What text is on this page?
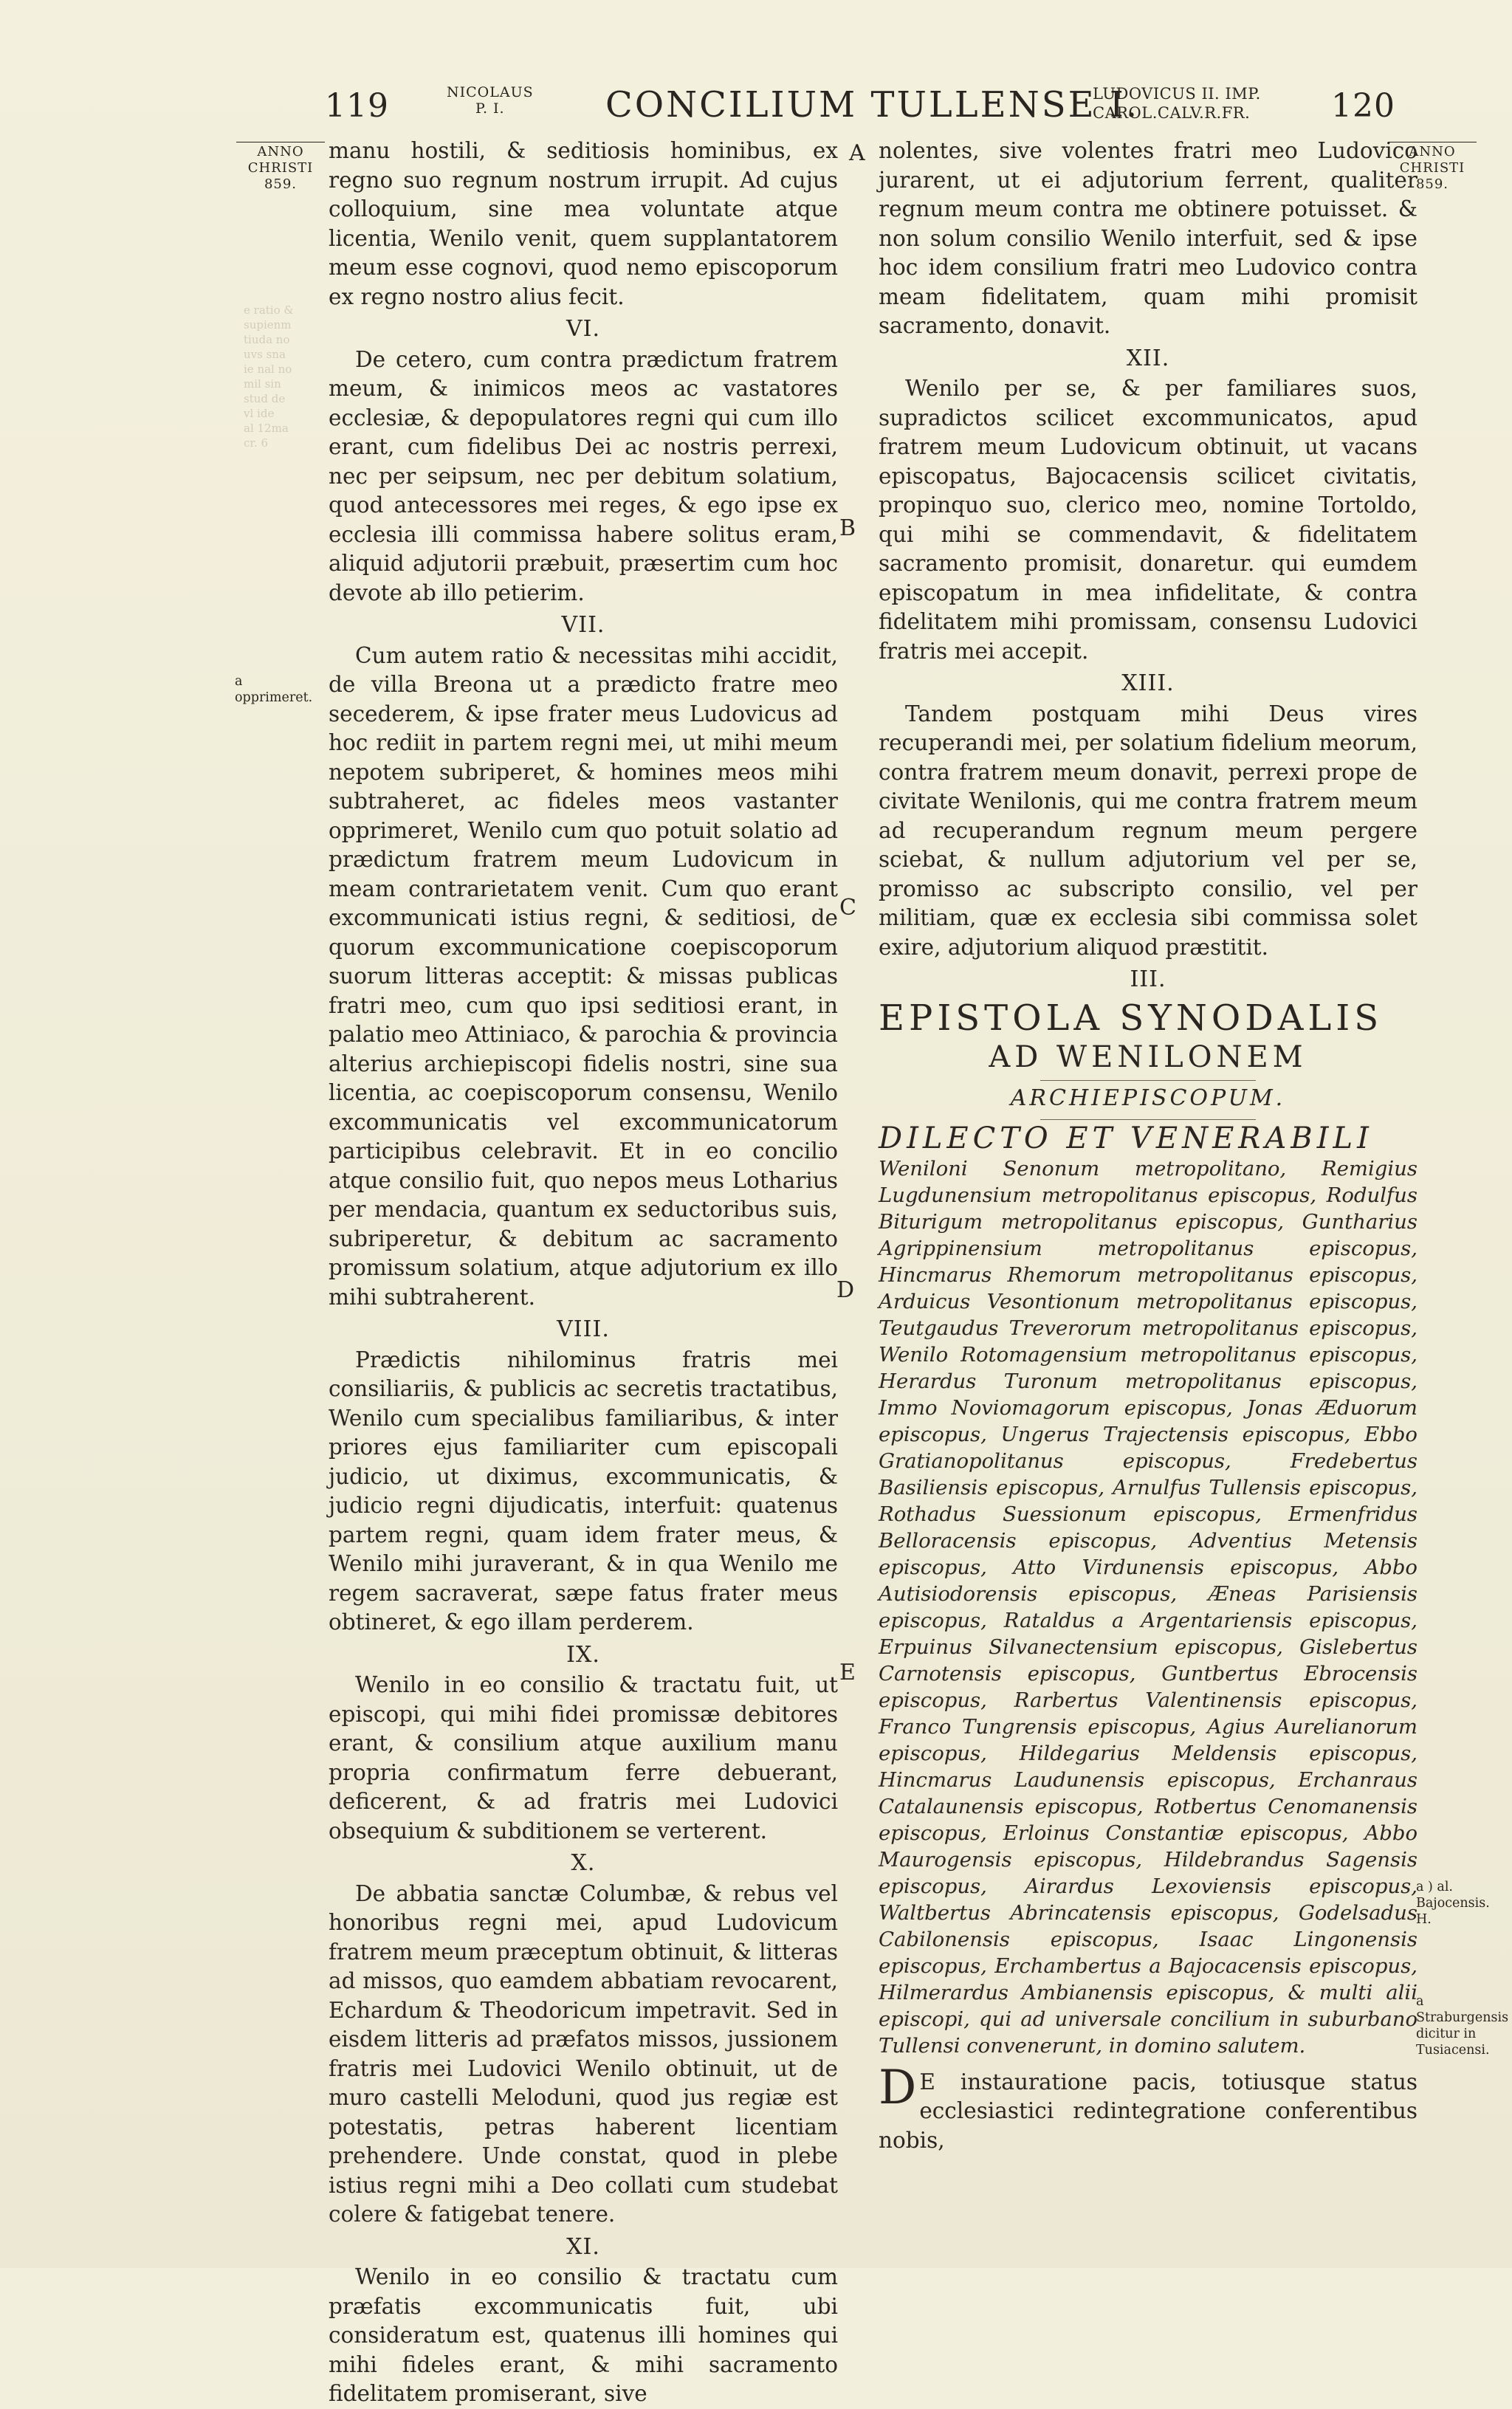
119	NICOLAUS
P. I.	CONCILIUM TULLENSE I.
LUDOVICUS II. IMP.
CAROL.CALV.R.FR.	120
ANNO
CHRISTI
859.
ANNO
CHRISTI
859.
e ratio &
supienm
tiuda no
uvs sna
ie nal no
mil sin
stud de
vl ide
al 12ma
cr. 6
a opprimeret.
a Straburgensis dicitur in Tusiacensi.
a ) al. Bajocensis. H.
A
B
C
D
E

manu hostili, & seditiosis hominibus, ex regno suo regnum nostrum irrupit. Ad cujus colloquium, sine mea voluntate atque licentia, Wenilo venit, quem supplantatorem meum esse cognovi, quod nemo episcoporum ex regno nostro alius fecit.

VI.

De cetero, cum contra prædictum fratrem meum, & inimicos meos ac vastatores ecclesiæ, & depopulatores regni qui cum illo erant, cum fidelibus Dei ac nostris perrexi, nec per seipsum, nec per debitum solatium, quod antecessores mei reges, & ego ipse ex ecclesia illi commissa habere solitus eram, aliquid adjutorii præbuit, præsertim cum hoc devote ab illo petierim.

VII.

Cum autem ratio & necessitas mihi accidit, de villa Breona ut a prædicto fratre meo secederem, & ipse frater meus Ludovicus ad hoc rediit in partem regni mei, ut mihi meum nepotem subriperet, & homines meos mihi subtraheret, ac fideles meos vastanter opprimeret, Wenilo cum quo potuit solatio ad prædictum fratrem meum Ludovicum in meam contrarietatem venit. Cum quo erant excommunicati istius regni, & seditiosi, de quorum excommunicatione coepiscoporum suorum litteras acceptit: & missas publicas fratri meo, cum quo ipsi seditiosi erant, in palatio meo Attiniaco, & parochia & provincia alterius archiepiscopi fidelis nostri, sine sua licentia, ac coepiscoporum consensu, Wenilo excommunicatis vel excommunicatorum participibus celebravit. Et in eo concilio atque consilio fuit, quo nepos meus Lotharius per mendacia, quantum ex seductoribus suis, subriperetur, & debitum ac sacramento promissum solatium, atque adjutorium ex illo mihi subtraherent.

VIII.

Prædictis nihilominus fratris mei consiliariis, & publicis ac secretis tractatibus, Wenilo cum specialibus familiaribus, & inter priores ejus familiariter cum episcopali judicio, ut diximus, excommunicatis, & judicio regni dijudicatis, interfuit: quatenus partem regni, quam idem frater meus, & Wenilo mihi juraverant, & in qua Wenilo me regem sacraverat, sæpe fatus frater meus obtineret, & ego illam perderem.

IX.

Wenilo in eo consilio & tractatu fuit, ut episcopi, qui mihi fidei promissæ debitores erant, & consilium atque auxilium manu propria confirmatum ferre debuerant, deficerent, & ad fratris mei Ludovici obsequium & subditionem se verterent.

X.

De abbatia sanctæ Columbæ, & rebus vel honoribus regni mei, apud Ludovicum fratrem meum præceptum obtinuit, & litteras ad missos, quo eamdem abbatiam revocarent, Echardum & Theodoricum impetravit. Sed in eisdem litteris ad præfatos missos, jussionem fratris mei Ludovici Wenilo obtinuit, ut de muro castelli Meloduni, quod jus regiæ est potestatis, petras haberent licentiam prehendere. Unde constat, quod in plebe istius regni mihi a Deo collati cum studebat colere & fatigebat tenere.

XI.

Wenilo in eo consilio & tractatu cum præfatis excommunicatis fuit, ubi consideratum est, quatenus illi homines qui mihi fideles erant, & mihi sacramento fidelitatem promiserant, sive

nolentes, sive volentes fratri meo Ludovico jurarent, ut ei adjutorium ferrent, qualiter regnum meum contra me obtinere potuisset. & non solum consilio Wenilo interfuit, sed & ipse hoc idem consilium fratri meo Ludovico contra meam fidelitatem, quam mihi promisit sacramento, donavit.

XII.

Wenilo per se, & per familiares suos, supradictos scilicet excommunicatos, apud fratrem meum Ludovicum obtinuit, ut vacans episcopatus, Bajocacensis scilicet civitatis, propinquo suo, clerico meo, nomine Tortoldo, qui mihi se commendavit, & fidelitatem sacramento promisit, donaretur. qui eumdem episcopatum in mea infidelitate, & contra fidelitatem mihi promissam, consensu Ludovici fratris mei accepit.

XIII.

Tandem postquam mihi Deus vires recuperandi mei, per solatium fidelium meorum, contra fratrem meum donavit, perrexi prope de civitate Wenilonis, qui me contra fratrem meum ad recuperandum regnum meum pergere sciebat, & nullum adjutorium vel per se, promisso ac subscripto consilio, vel per militiam, quæ ex ecclesia sibi commissa solet exire, adjutorium aliquod præstitit.

III.
EPISTOLA SYNODALIS
AD WENILONEM
ARCHIEPISCOPUM.
DILECTO ET VENERABILI
Weniloni Senonum metropolitano, Remigius Lugdunensium metropolitanus episcopus, Rodulfus Biturigum metropolitanus episcopus, Guntharius Agrippinensium metropolitanus episcopus, Hincmarus Rhemorum metropolitanus episcopus, Arduicus Vesontionum metropolitanus episcopus, Teutgaudus Treverorum metropolitanus episcopus, Wenilo Rotomagensium metropolitanus episcopus, Herardus Turonum metropolitanus episcopus, Immo Noviomagorum episcopus, Jonas Æduorum episcopus, Ungerus Trajectensis episcopus, Ebbo Gratianopolitanus episcopus, Fredebertus Basiliensis episcopus, Arnulfus Tullensis episcopus, Rothadus Suessionum episcopus, Ermenfridus Belloracensis episcopus, Adventius Metensis episcopus, Atto Virdunensis episcopus, Abbo Autisiodorensis episcopus, Æneas Parisiensis episcopus, Rataldus a Argentariensis episcopus, Erpuinus Silvanectensium episcopus, Gislebertus Carnotensis episcopus, Guntbertus Ebrocensis episcopus, Rarbertus Valentinensis episcopus, Franco Tungrensis episcopus, Agius Aurelianorum episcopus, Hildegarius Meldensis episcopus, Hincmarus Laudunensis episcopus, Erchanraus Catalaunensis episcopus, Rotbertus Cenomanensis episcopus, Erloinus Constantiæ episcopus, Abbo Maurogensis episcopus, Hildebrandus Sagensis episcopus, Airardus Lexoviensis episcopus, Waltbertus Abrincatensis episcopus, Godelsadus Cabilonensis episcopus, Isaac Lingonensis episcopus, Erchambertus a Bajocacensis episcopus, Hilmerardus Ambianensis episcopus, & multi alii episcopi, qui ad universale concilium in suburbano Tullensi convenerunt, in domino salutem.
D E instauratione pacis, totiusque status ecclesiastici redintegratione conferentibus nobis,
